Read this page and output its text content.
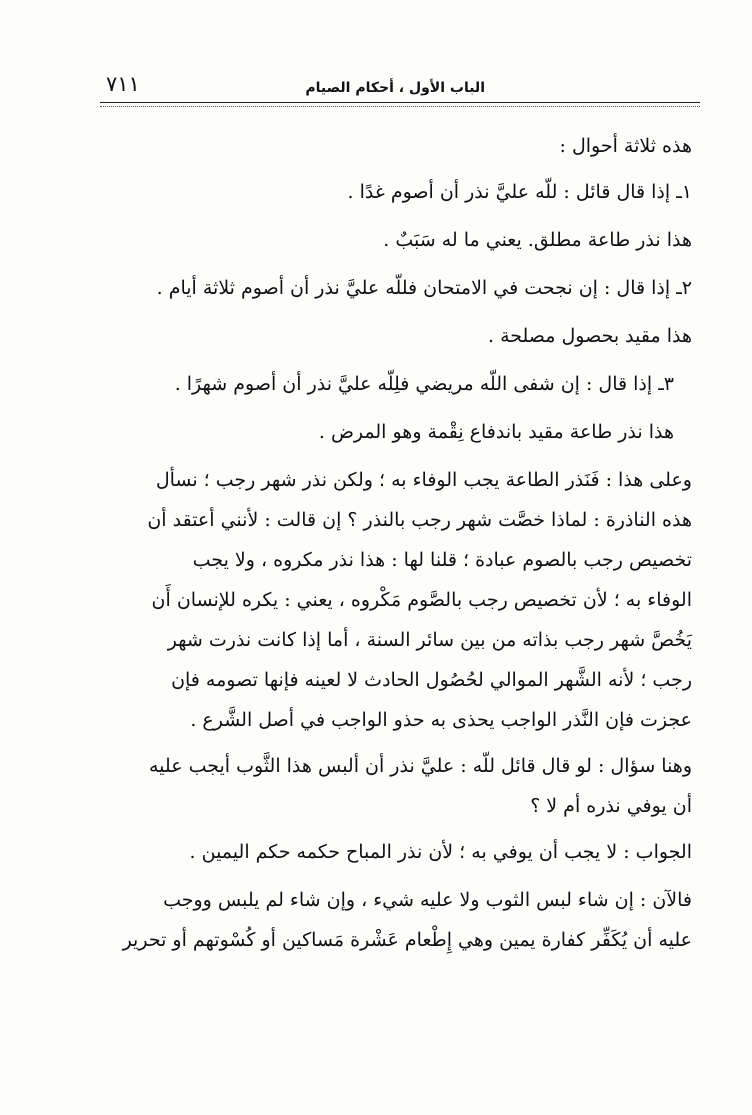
الباب الأول ، أحكام الصيام
٧١١

هذه ثلاثة أحوال :

١ـ إذا قال قائل : للّه عليَّ نذر أن أصوم غدًا .

هذا نذر طاعة مطلق. يعني ما له سَبَبٌ .

٢ـ إذا قال : إن نجحت في الامتحان فللّه عليَّ نذر أن أصوم ثلاثة أيام .

هذا مقيد بحصول مصلحة .

٣ـ إذا قال : إن شفى اللّه مريضي فلِلّه عليَّ نذر أن أصوم شهرًا .

هذا نذر طاعة مقيد باندفاع نِقْمة وهو المرض .

وعلى هذا : فَنَذر الطاعة يجب الوفاء به ؛ ولكن نذر شهر رجب ؛ نسأل

هذه الناذرة : لماذا خصَّت شهر رجب بالنذر ؟ إن قالت : لأنني أعتقد أن

تخصيص رجب بالصوم عبادة ؛ قلنا لها : هذا نذر مكروه ، ولا يجب

الوفاء به ؛ لأن تخصيص رجب بالصَّوم مَكْروه ، يعني : يكره للإنسان أَن

يَخُصَّ شهر رجب بذاته من بين سائر السنة ، أما إذا كانت نذرت شهر

رجب ؛ لأنه الشَّهر الموالي لحُصُول الحادث لا لعينه فإنها تصومه فإن

عجزت فإن النَّذر الواجب يحذى به حذو الواجب في أصل الشَّرع .

وهنا سؤال : لو قال قائل للّه : عليَّ نذر أن ألبس هذا الثَّوب أيجب عليه

أن يوفي نذره أم لا ؟

الجواب : لا يجب أن يوفي به ؛ لأن نذر المباح حكمه حكم اليمين .

فالآن : إن شاء لبس الثوب ولا عليه شيء ، وإن شاء لم يلبس ووجب

عليه أن يُكَفِّر كفارة يمين وهي إِطْعام عَشْرة مَساكين أو كُسْوتهم أو تحرير
